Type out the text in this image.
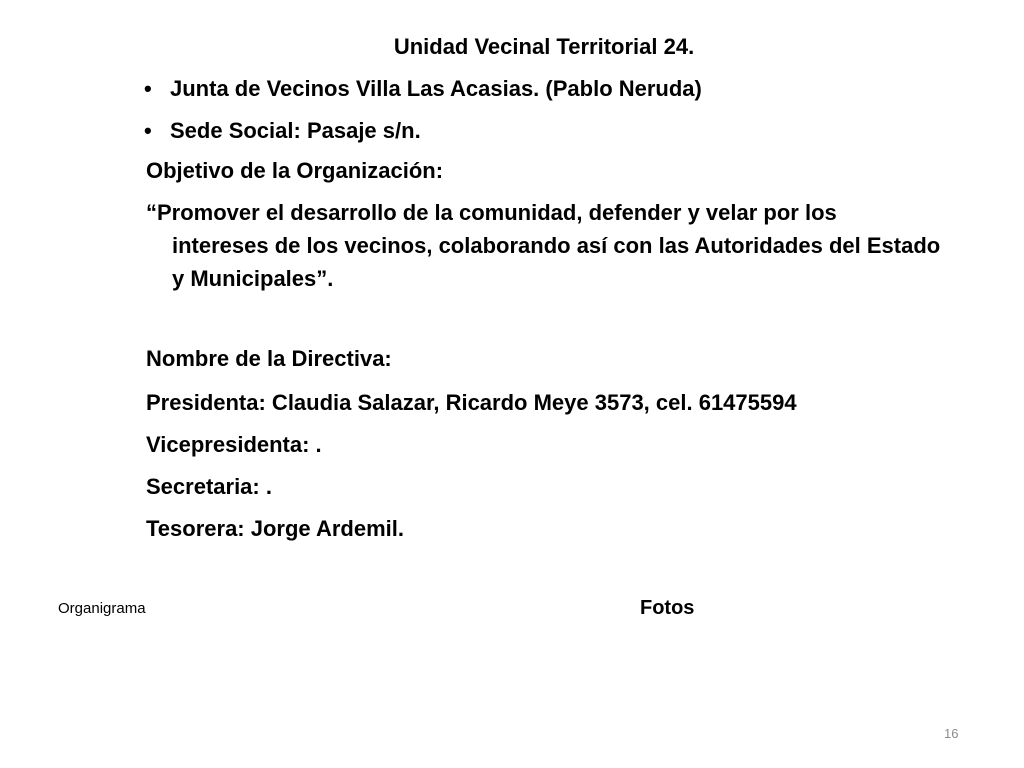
Unidad Vecinal Territorial 24.
• Junta de Vecinos Villa Las Acasias. (Pablo Neruda)
• Sede Social: Pasaje s/n.
Objetivo de la Organización:
“Promover el desarrollo de la comunidad, defender y velar por los
intereses de los vecinos, colaborando así con las Autoridades del Estado y Municipales”.
Nombre de la Directiva:
Presidenta: Claudia Salazar, Ricardo Meye 3573, cel. 61475594
Vicepresidenta: .
Secretaria: .
Tesorera: Jorge Ardemil.
Organigrama	Fotos
16
